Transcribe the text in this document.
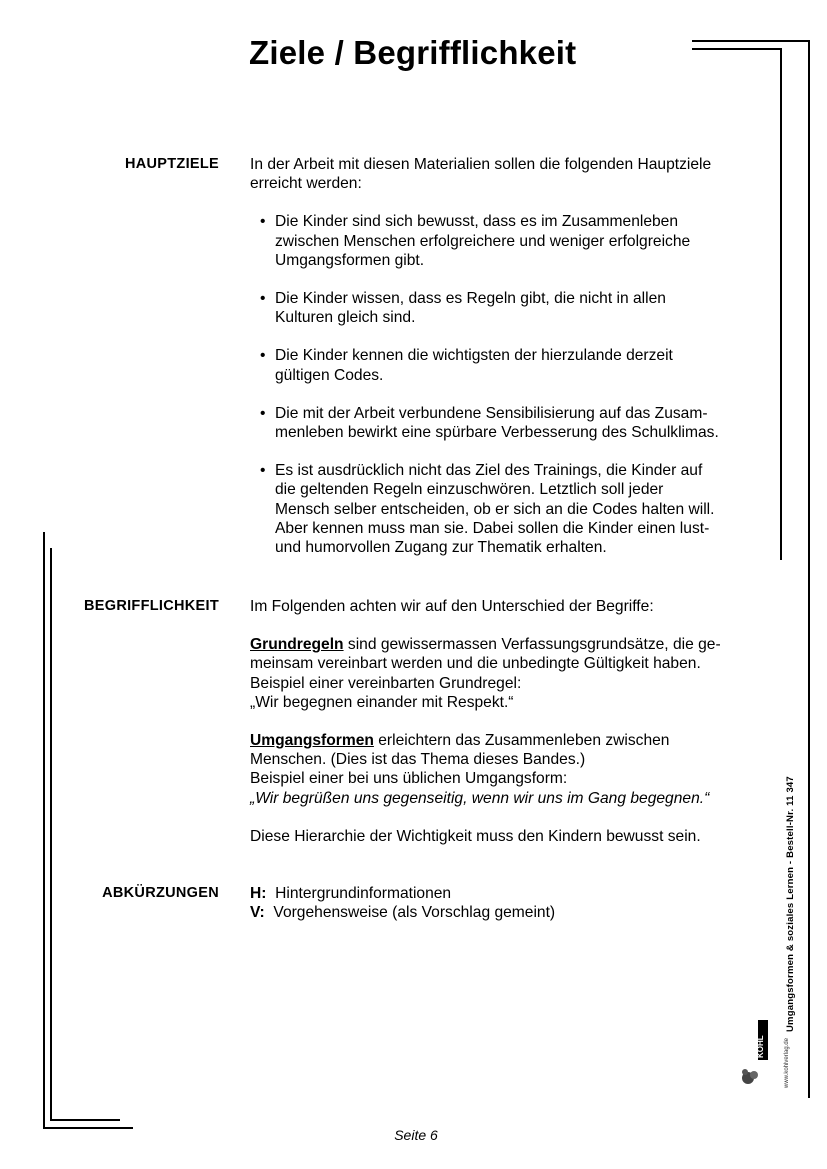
Ziele / Begrifflichkeit
HAUPTZIELE In der Arbeit mit diesen Materialien sollen die folgenden Hauptziele erreicht werden:
• Die Kinder sind sich bewusst, dass es im Zusammenleben zwischen Menschen erfolgreichere und weniger erfolgreiche Umgangsformen gibt.
• Die Kinder wissen, dass es Regeln gibt, die nicht in allen Kulturen gleich sind.
• Die Kinder kennen die wichtigsten der hierzulande derzeit gültigen Codes.
• Die mit der Arbeit verbundene Sensibilisierung auf das Zusammenleben bewirkt eine spürbare Verbesserung des Schulklimas.
• Es ist ausdrücklich nicht das Ziel des Trainings, die Kinder auf die geltenden Regeln einzuschwören. Letztlich soll jeder Mensch selber entscheiden, ob er sich an die Codes halten will. Aber kennen muss man sie. Dabei sollen die Kinder einen lust- und humorvollen Zugang zur Thematik erhalten.
BEGRIFFLICHKEIT Im Folgenden achten wir auf den Unterschied der Begriffe:
Grundregeln sind gewissermassen Verfassungsgrundsätze, die gemeinsam vereinbart werden und die unbedingte Gültigkeit haben.
Beispiel einer vereinbarten Grundregel:
„Wir begegnen einander mit Respekt.“
Umgangsformen erleichtern das Zusammenleben zwischen Menschen. (Dies ist das Thema dieses Bandes.)
Beispiel einer bei uns üblichen Umgangsform:
„Wir begrüßen uns gegenseitig, wenn wir uns im Gang begegnen.“
Diese Hierarchie der Wichtigkeit muss den Kindern bewusst sein.
ABKÜRZUNGEN H: Hintergrundinformationen
V: Vorgehensweise (als Vorschlag gemeint)	Umgangsformen & soziales Lernen - Bestell-Nr. 11 347
www.kohlverlag.de
KOHL
Seite 6
